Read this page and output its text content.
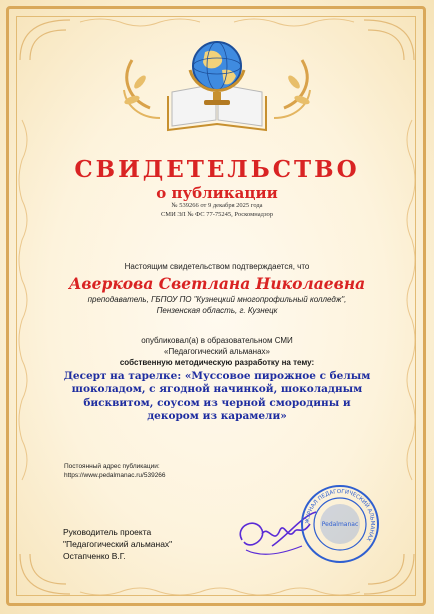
СВИДЕТЕЛЬСТВО
о публикации
№ 539266 от 9 декабря 2025 года
СМИ ЭЛ № ФС 77-75245, Роскомнадзор
Настоящим свидетельством подтверждается, что
Аверкова Светлана Николаевна
преподаватель, ГБПОУ ПО "Кузнецкий многопрофильный колледж",
Пензенская область, г. Кузнецк
опубликовал(а) в образовательном СМИ
«Педагогический альманах»
собственную методическую разработку на тему:
Десерт на тарелке: «Муссовое пирожное с белым шоколадом, с ягодной начинкой, шоколадным бисквитом, соусом из черной смородины и декором из карамели»
Постоянный адрес публикации:
https://www.pedalmanac.ru/539266
Руководитель проекта
"Педагогический альманах"
Остапченко В.Г.
ЖУРНАЛ ПЕДАГОГИЧЕСКИЙ АЛЬМАНАХ
Pedalmanac
